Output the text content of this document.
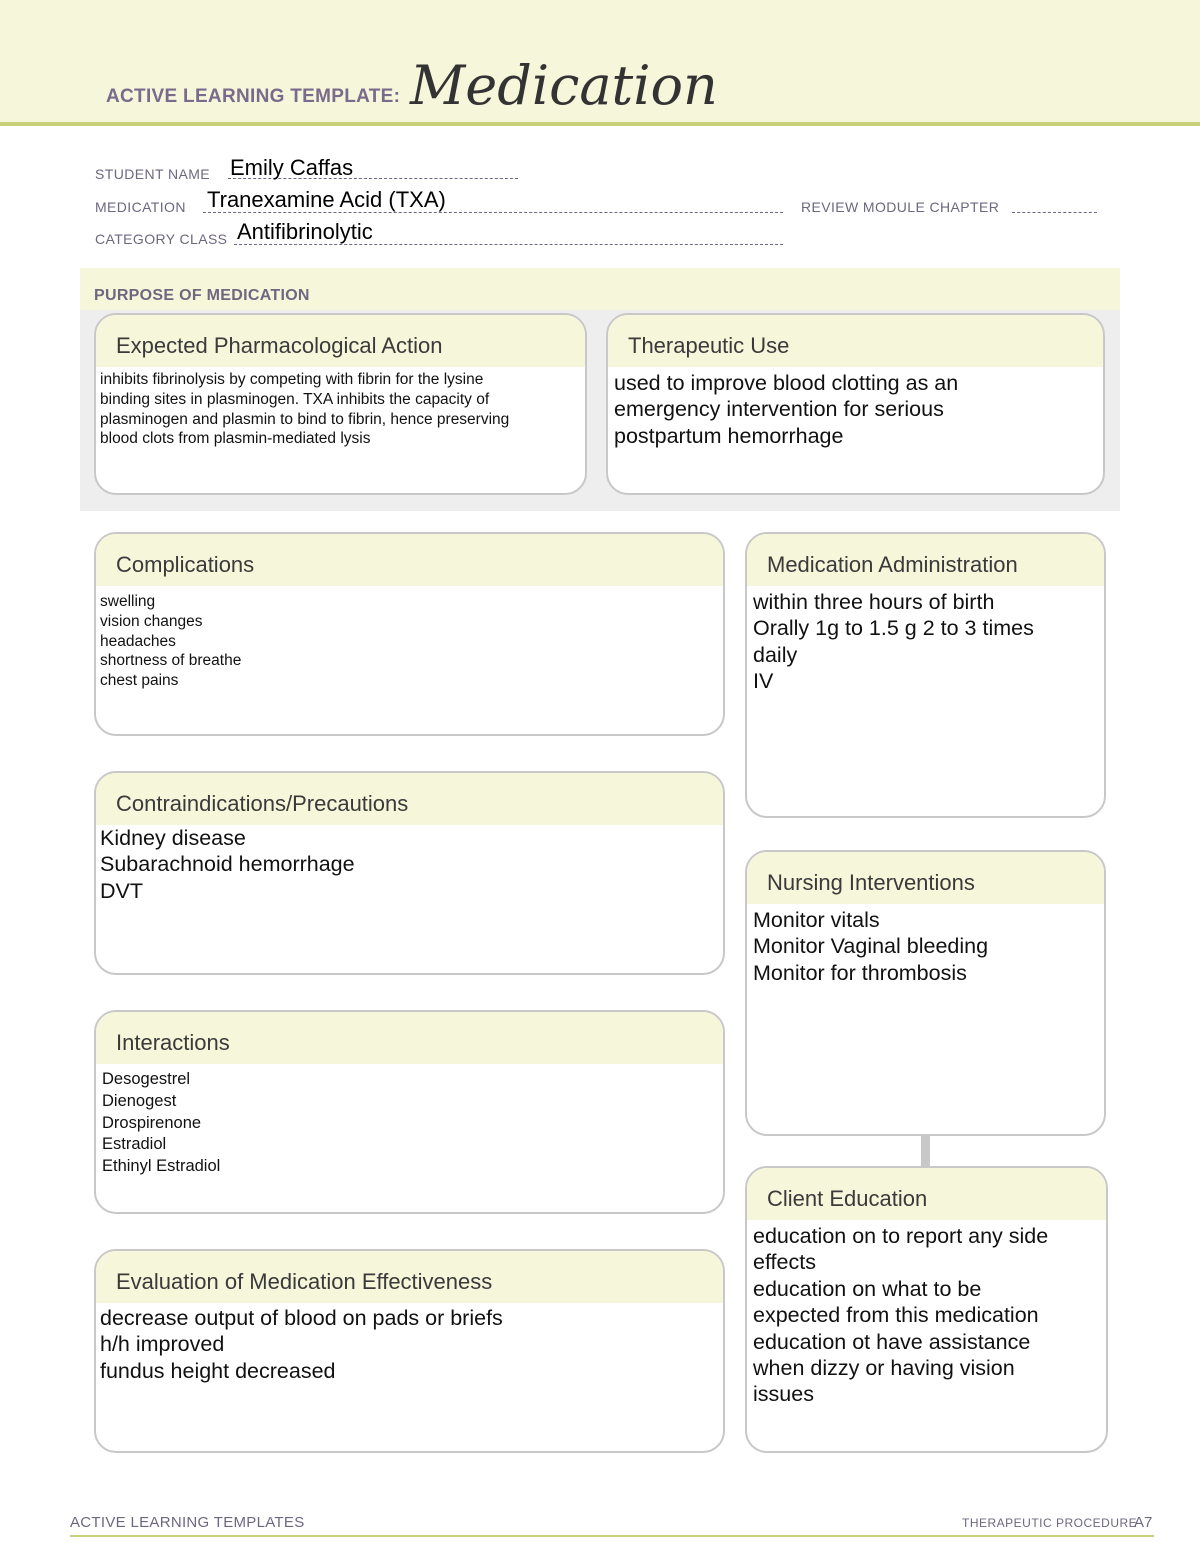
ACTIVE LEARNING TEMPLATE: Medication
STUDENT NAME Emily Caffas
MEDICATION Tranexamine Acid (TXA)	REVIEW MODULE CHAPTER
CATEGORY CLASS Antifibrinolytic
PURPOSE OF MEDICATION
Expected Pharmacological Action
inhibits fibrinolysis by competing with fibrin for the lysine
binding sites in plasminogen. TXA inhibits the capacity of
plasminogen and plasmin to bind to fibrin, hence preserving
blood clots from plasmin-mediated lysis
Therapeutic Use
used to improve blood clotting as an
emergency intervention for serious
postpartum hemorrhage
Complications
swelling
vision changes
headaches
shortness of breathe
chest pains
Contraindications/Precautions
Kidney disease
Subarachnoid hemorrhage
DVT
Interactions
Desogestrel
Dienogest
Drospirenone
Estradiol
Ethinyl Estradiol
Evaluation of Medication Effectiveness
decrease output of blood on pads or briefs
h/h improved
fundus height decreased
Medication Administration
within three hours of birth
Orally 1g to 1.5 g 2 to 3 times
daily
IV
Nursing Interventions
Monitor vitals
Monitor Vaginal bleeding
Monitor for thrombosis
Client Education
education on to report any side
effects
education on what to be
expected from this medication
education ot have assistance
when dizzy or having vision
issues
ACTIVE LEARNING TEMPLATES	THERAPEUTIC PROCEDURE
A7
